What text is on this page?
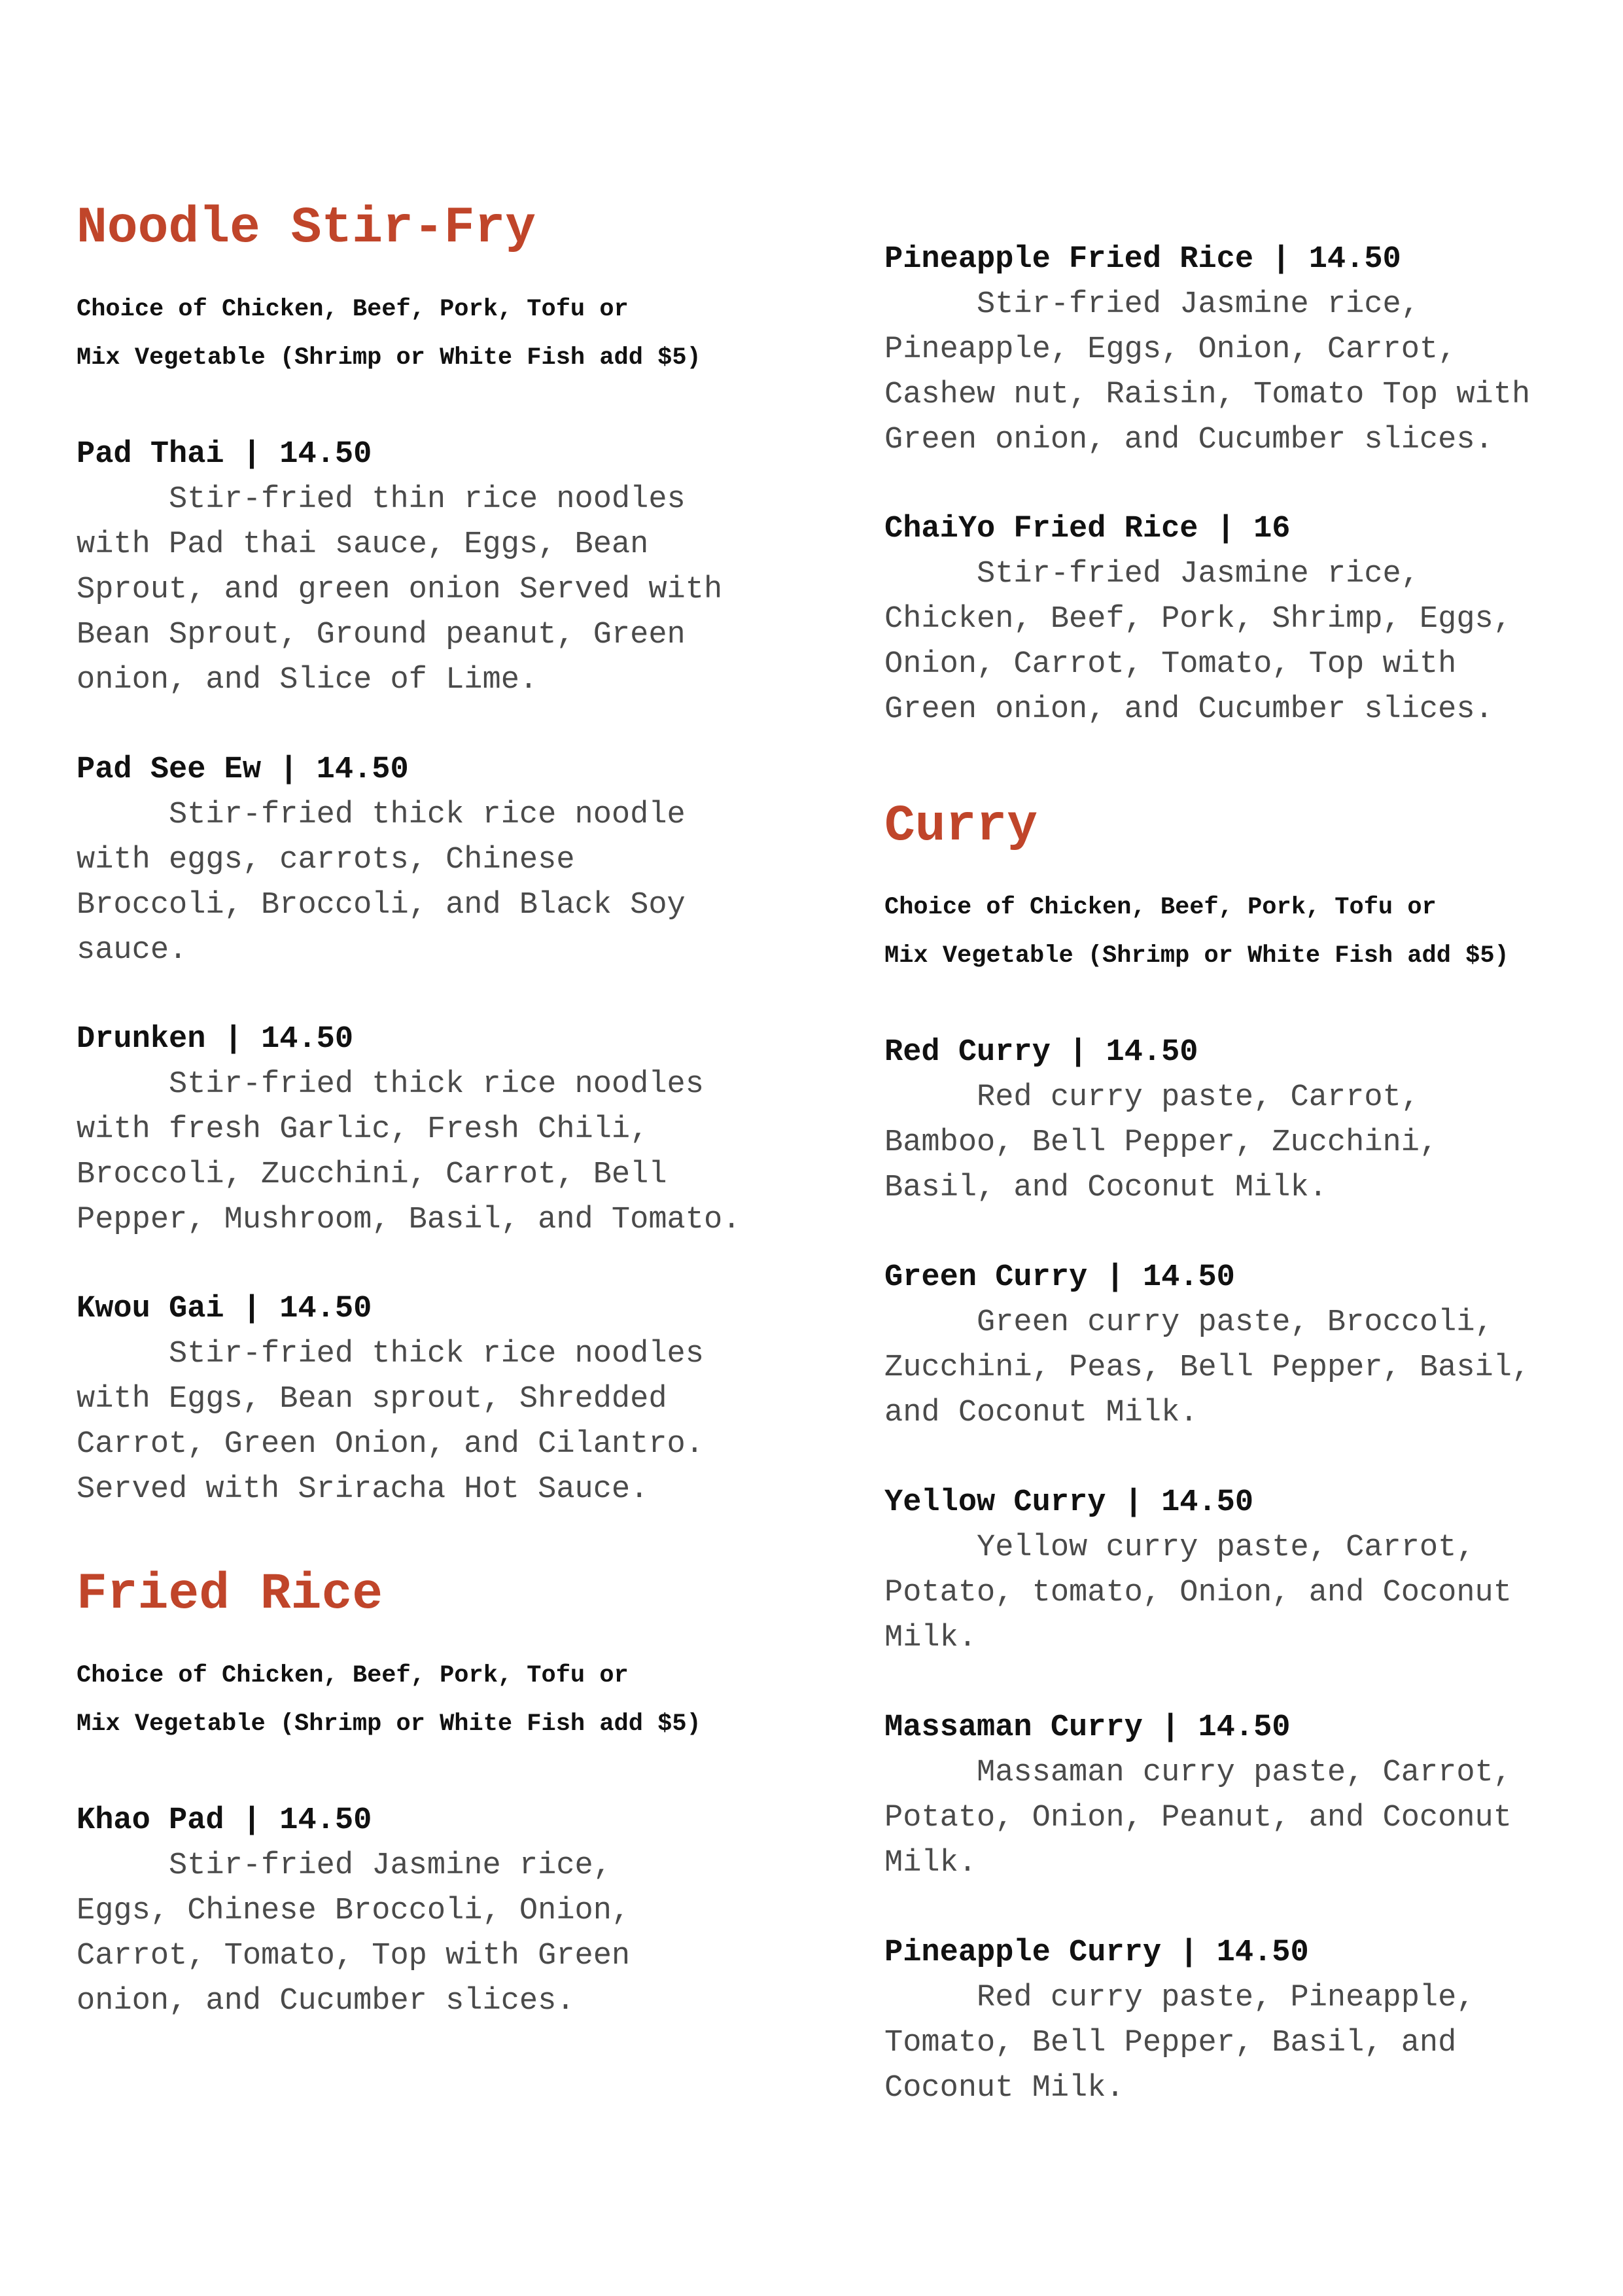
Noodle Stir-Fry
Choice of Chicken, Beef, Pork, Tofu or
Mix Vegetable (Shrimp or White Fish add $5)
Pad Thai | 14.50
Stir-fried thin rice noodles
with Pad thai sauce, Eggs, Bean
Sprout, and green onion Served with
Bean Sprout, Ground peanut, Green
onion, and Slice of Lime.
Pad See Ew | 14.50
Stir-fried thick rice noodle
with eggs, carrots, Chinese
Broccoli, Broccoli, and Black Soy
sauce.
Drunken | 14.50
Stir-fried thick rice noodles
with fresh Garlic, Fresh Chili,
Broccoli, Zucchini, Carrot, Bell
Pepper, Mushroom, Basil, and Tomato.
Kwou Gai | 14.50
Stir-fried thick rice noodles
with Eggs, Bean sprout, Shredded
Carrot, Green Onion, and Cilantro.
Served with Sriracha Hot Sauce.
Fried Rice
Choice of Chicken, Beef, Pork, Tofu or
Mix Vegetable (Shrimp or White Fish add $5)
Khao Pad | 14.50
Stir-fried Jasmine rice,
Eggs, Chinese Broccoli, Onion,
Carrot, Tomato, Top with Green
onion, and Cucumber slices.
Pineapple Fried Rice | 14.50
Stir-fried Jasmine rice,
Pineapple, Eggs, Onion, Carrot,
Cashew nut, Raisin, Tomato Top with
Green onion, and Cucumber slices.
ChaiYo Fried Rice | 16
Stir-fried Jasmine rice,
Chicken, Beef, Pork, Shrimp, Eggs,
Onion, Carrot, Tomato, Top with
Green onion, and Cucumber slices.
Curry
Choice of Chicken, Beef, Pork, Tofu or
Mix Vegetable (Shrimp or White Fish add $5)
Red Curry | 14.50
Red curry paste, Carrot,
Bamboo, Bell Pepper, Zucchini,
Basil, and Coconut Milk.
Green Curry | 14.50
Green curry paste, Broccoli,
Zucchini, Peas, Bell Pepper, Basil,
and Coconut Milk.
Yellow Curry | 14.50
Yellow curry paste, Carrot,
Potato, tomato, Onion, and Coconut
Milk.
Massaman Curry | 14.50
Massaman curry paste, Carrot,
Potato, Onion, Peanut, and Coconut
Milk.
Pineapple Curry | 14.50
Red curry paste, Pineapple,
Tomato, Bell Pepper, Basil, and
Coconut Milk.
